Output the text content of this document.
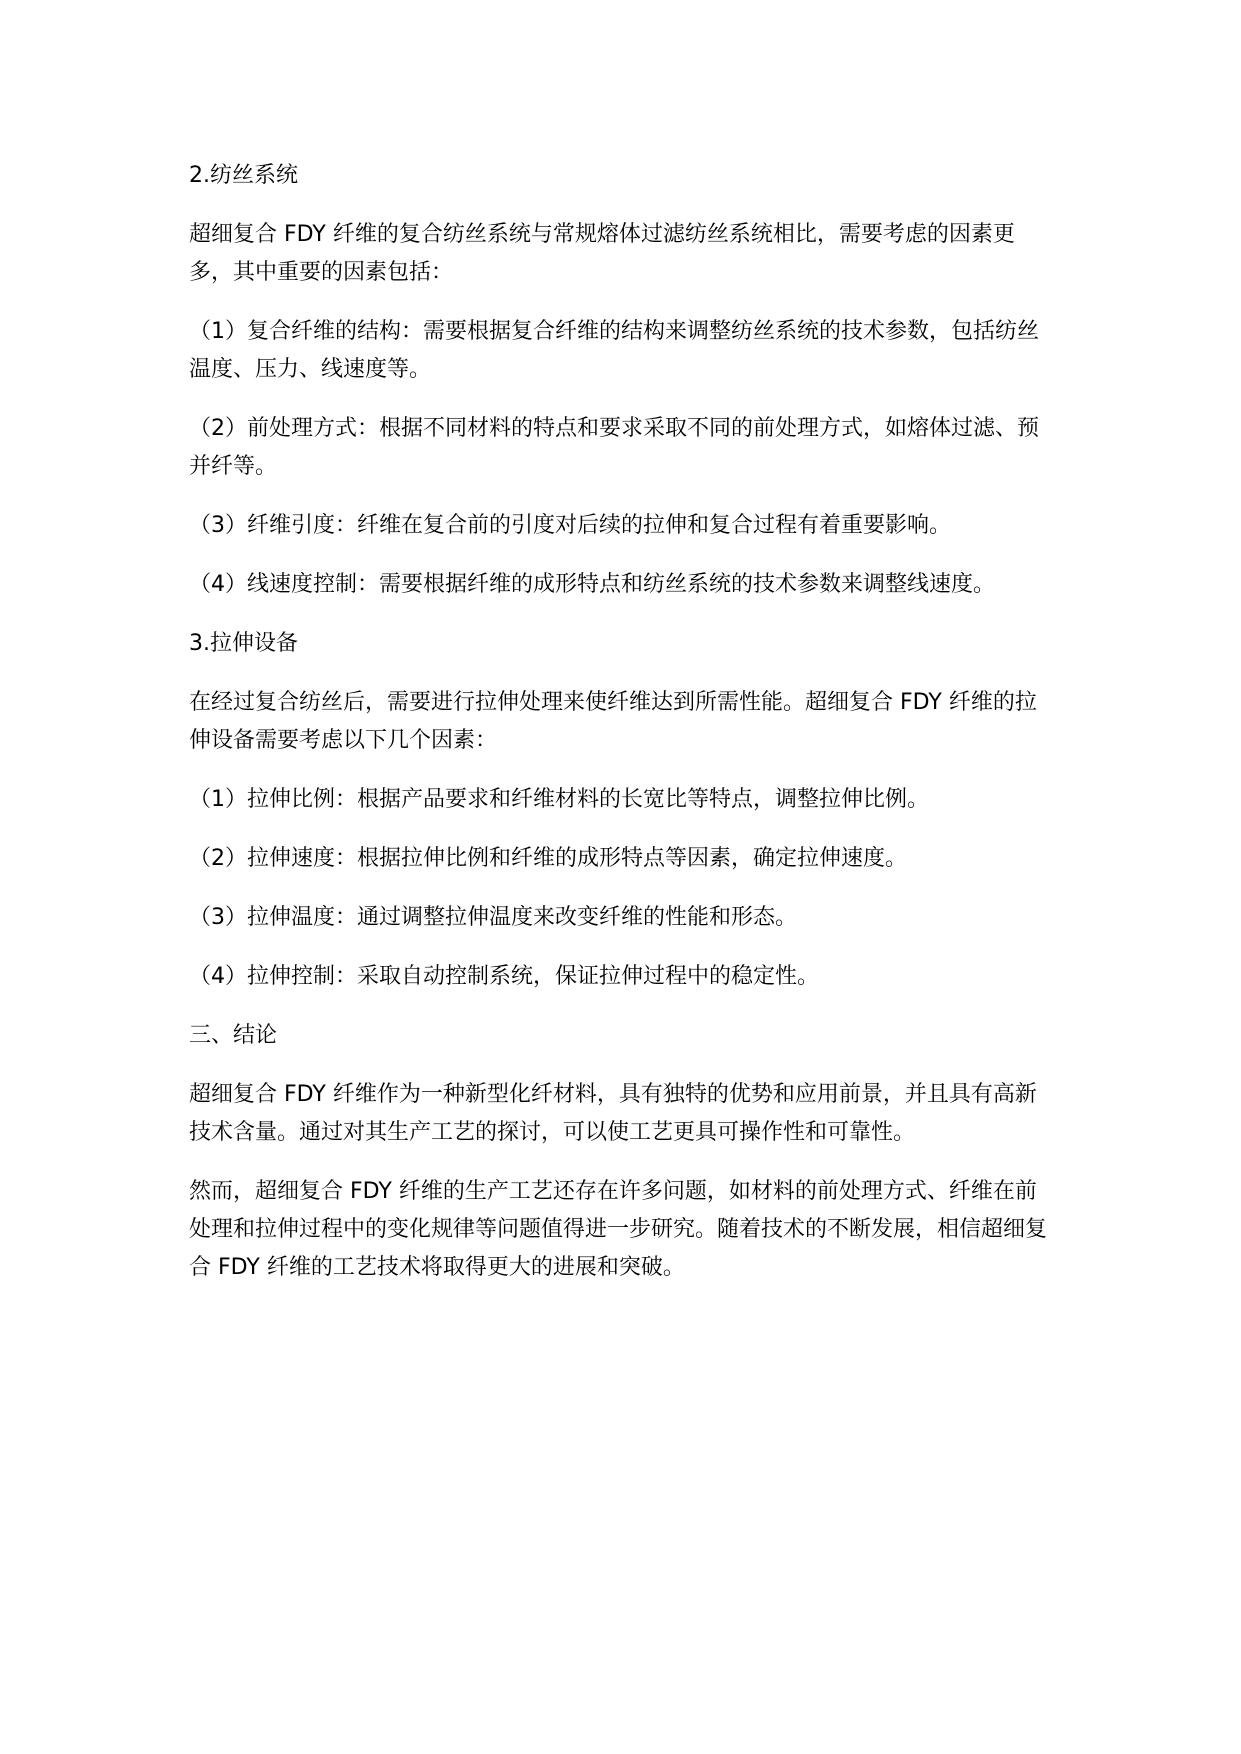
2.纺丝系统

超细复合 FDY 纤维的复合纺丝系统与常规熔体过滤纺丝系统相比，需要考虑的因素更多，其中重要的因素包括：

（1）复合纤维的结构：需要根据复合纤维的结构来调整纺丝系统的技术参数，包括纺丝温度、压力、线速度等。

（2）前处理方式：根据不同材料的特点和要求采取不同的前处理方式，如熔体过滤、预并纤等。

（3）纤维引度：纤维在复合前的引度对后续的拉伸和复合过程有着重要影响。

（4）线速度控制：需要根据纤维的成形特点和纺丝系统的技术参数来调整线速度。

3.拉伸设备

在经过复合纺丝后，需要进行拉伸处理来使纤维达到所需性能。超细复合 FDY 纤维的拉伸设备需要考虑以下几个因素：

（1）拉伸比例：根据产品要求和纤维材料的长宽比等特点，调整拉伸比例。

（2）拉伸速度：根据拉伸比例和纤维的成形特点等因素，确定拉伸速度。

（3）拉伸温度：通过调整拉伸温度来改变纤维的性能和形态。

（4）拉伸控制：采取自动控制系统，保证拉伸过程中的稳定性。

三、结论

超细复合 FDY 纤维作为一种新型化纤材料，具有独特的优势和应用前景，并且具有高新技术含量。通过对其生产工艺的探讨，可以使工艺更具可操作性和可靠性。

然而，超细复合 FDY 纤维的生产工艺还存在许多问题，如材料的前处理方式、纤维在前处理和拉伸过程中的变化规律等问题值得进一步研究。随着技术的不断发展，相信超细复合 FDY 纤维的工艺技术将取得更大的进展和突破。
